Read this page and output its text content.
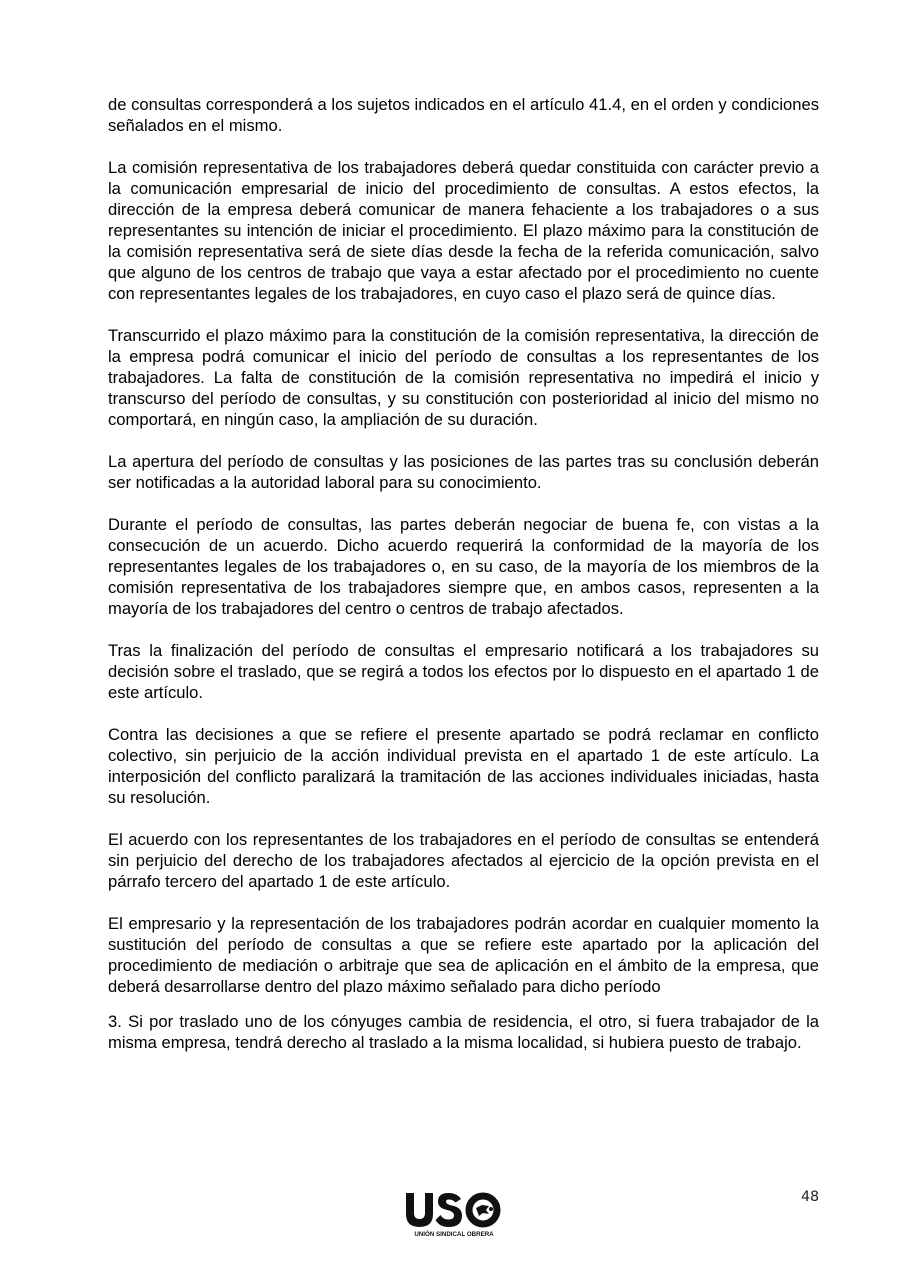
de consultas corresponderá a los sujetos indicados en el artículo 41.4, en el orden y condiciones señalados en el mismo.

La comisión representativa de los trabajadores deberá quedar constituida con carácter previo a la comunicación empresarial de inicio del procedimiento de consultas. A estos efectos, la dirección de la empresa deberá comunicar de manera fehaciente a los trabajadores o a sus representantes su intención de iniciar el procedimiento. El plazo máximo para la constitución de la comisión representativa será de siete días desde la fecha de la referida comunicación, salvo que alguno de los centros de trabajo que vaya a estar afectado por el procedimiento no cuente con representantes legales de los trabajadores, en cuyo caso el plazo será de quince días.

Transcurrido el plazo máximo para la constitución de la comisión representativa, la dirección de la empresa podrá comunicar el inicio del período de consultas a los representantes de los trabajadores. La falta de constitución de la comisión representativa no impedirá el inicio y transcurso del período de consultas, y su constitución con posterioridad al inicio del mismo no comportará, en ningún caso, la ampliación de su duración.

La apertura del período de consultas y las posiciones de las partes tras su conclusión deberán ser notificadas a la autoridad laboral para su conocimiento.

Durante el período de consultas, las partes deberán negociar de buena fe, con vistas a la consecución de un acuerdo. Dicho acuerdo requerirá la conformidad de la mayoría de los representantes legales de los trabajadores o, en su caso, de la mayoría de los miembros de la comisión representativa de los trabajadores siempre que, en ambos casos, representen a la mayoría de los trabajadores del centro o centros de trabajo afectados.

Tras la finalización del período de consultas el empresario notificará a los trabajadores su decisión sobre el traslado, que se regirá a todos los efectos por lo dispuesto en el apartado 1 de este artículo.

Contra las decisiones a que se refiere el presente apartado se podrá reclamar en conflicto colectivo, sin perjuicio de la acción individual prevista en el apartado 1 de este artículo. La interposición del conflicto paralizará la tramitación de las acciones individuales iniciadas, hasta su resolución.

El acuerdo con los representantes de los trabajadores en el período de consultas se entenderá sin perjuicio del derecho de los trabajadores afectados al ejercicio de la opción prevista en el párrafo tercero del apartado 1 de este artículo.

El empresario y la representación de los trabajadores podrán acordar en cualquier momento la sustitución del período de consultas a que se refiere este apartado por la aplicación del procedimiento de mediación o arbitraje que sea de aplicación en el ámbito de la empresa, que deberá desarrollarse dentro del plazo máximo señalado para dicho período

3. Si por traslado uno de los cónyuges cambia de residencia, el otro, si fuera trabajador de la misma empresa, tendrá derecho al traslado a la misma localidad, si hubiera puesto de trabajo.

48
UNIÓN SINDICAL OBRERA
